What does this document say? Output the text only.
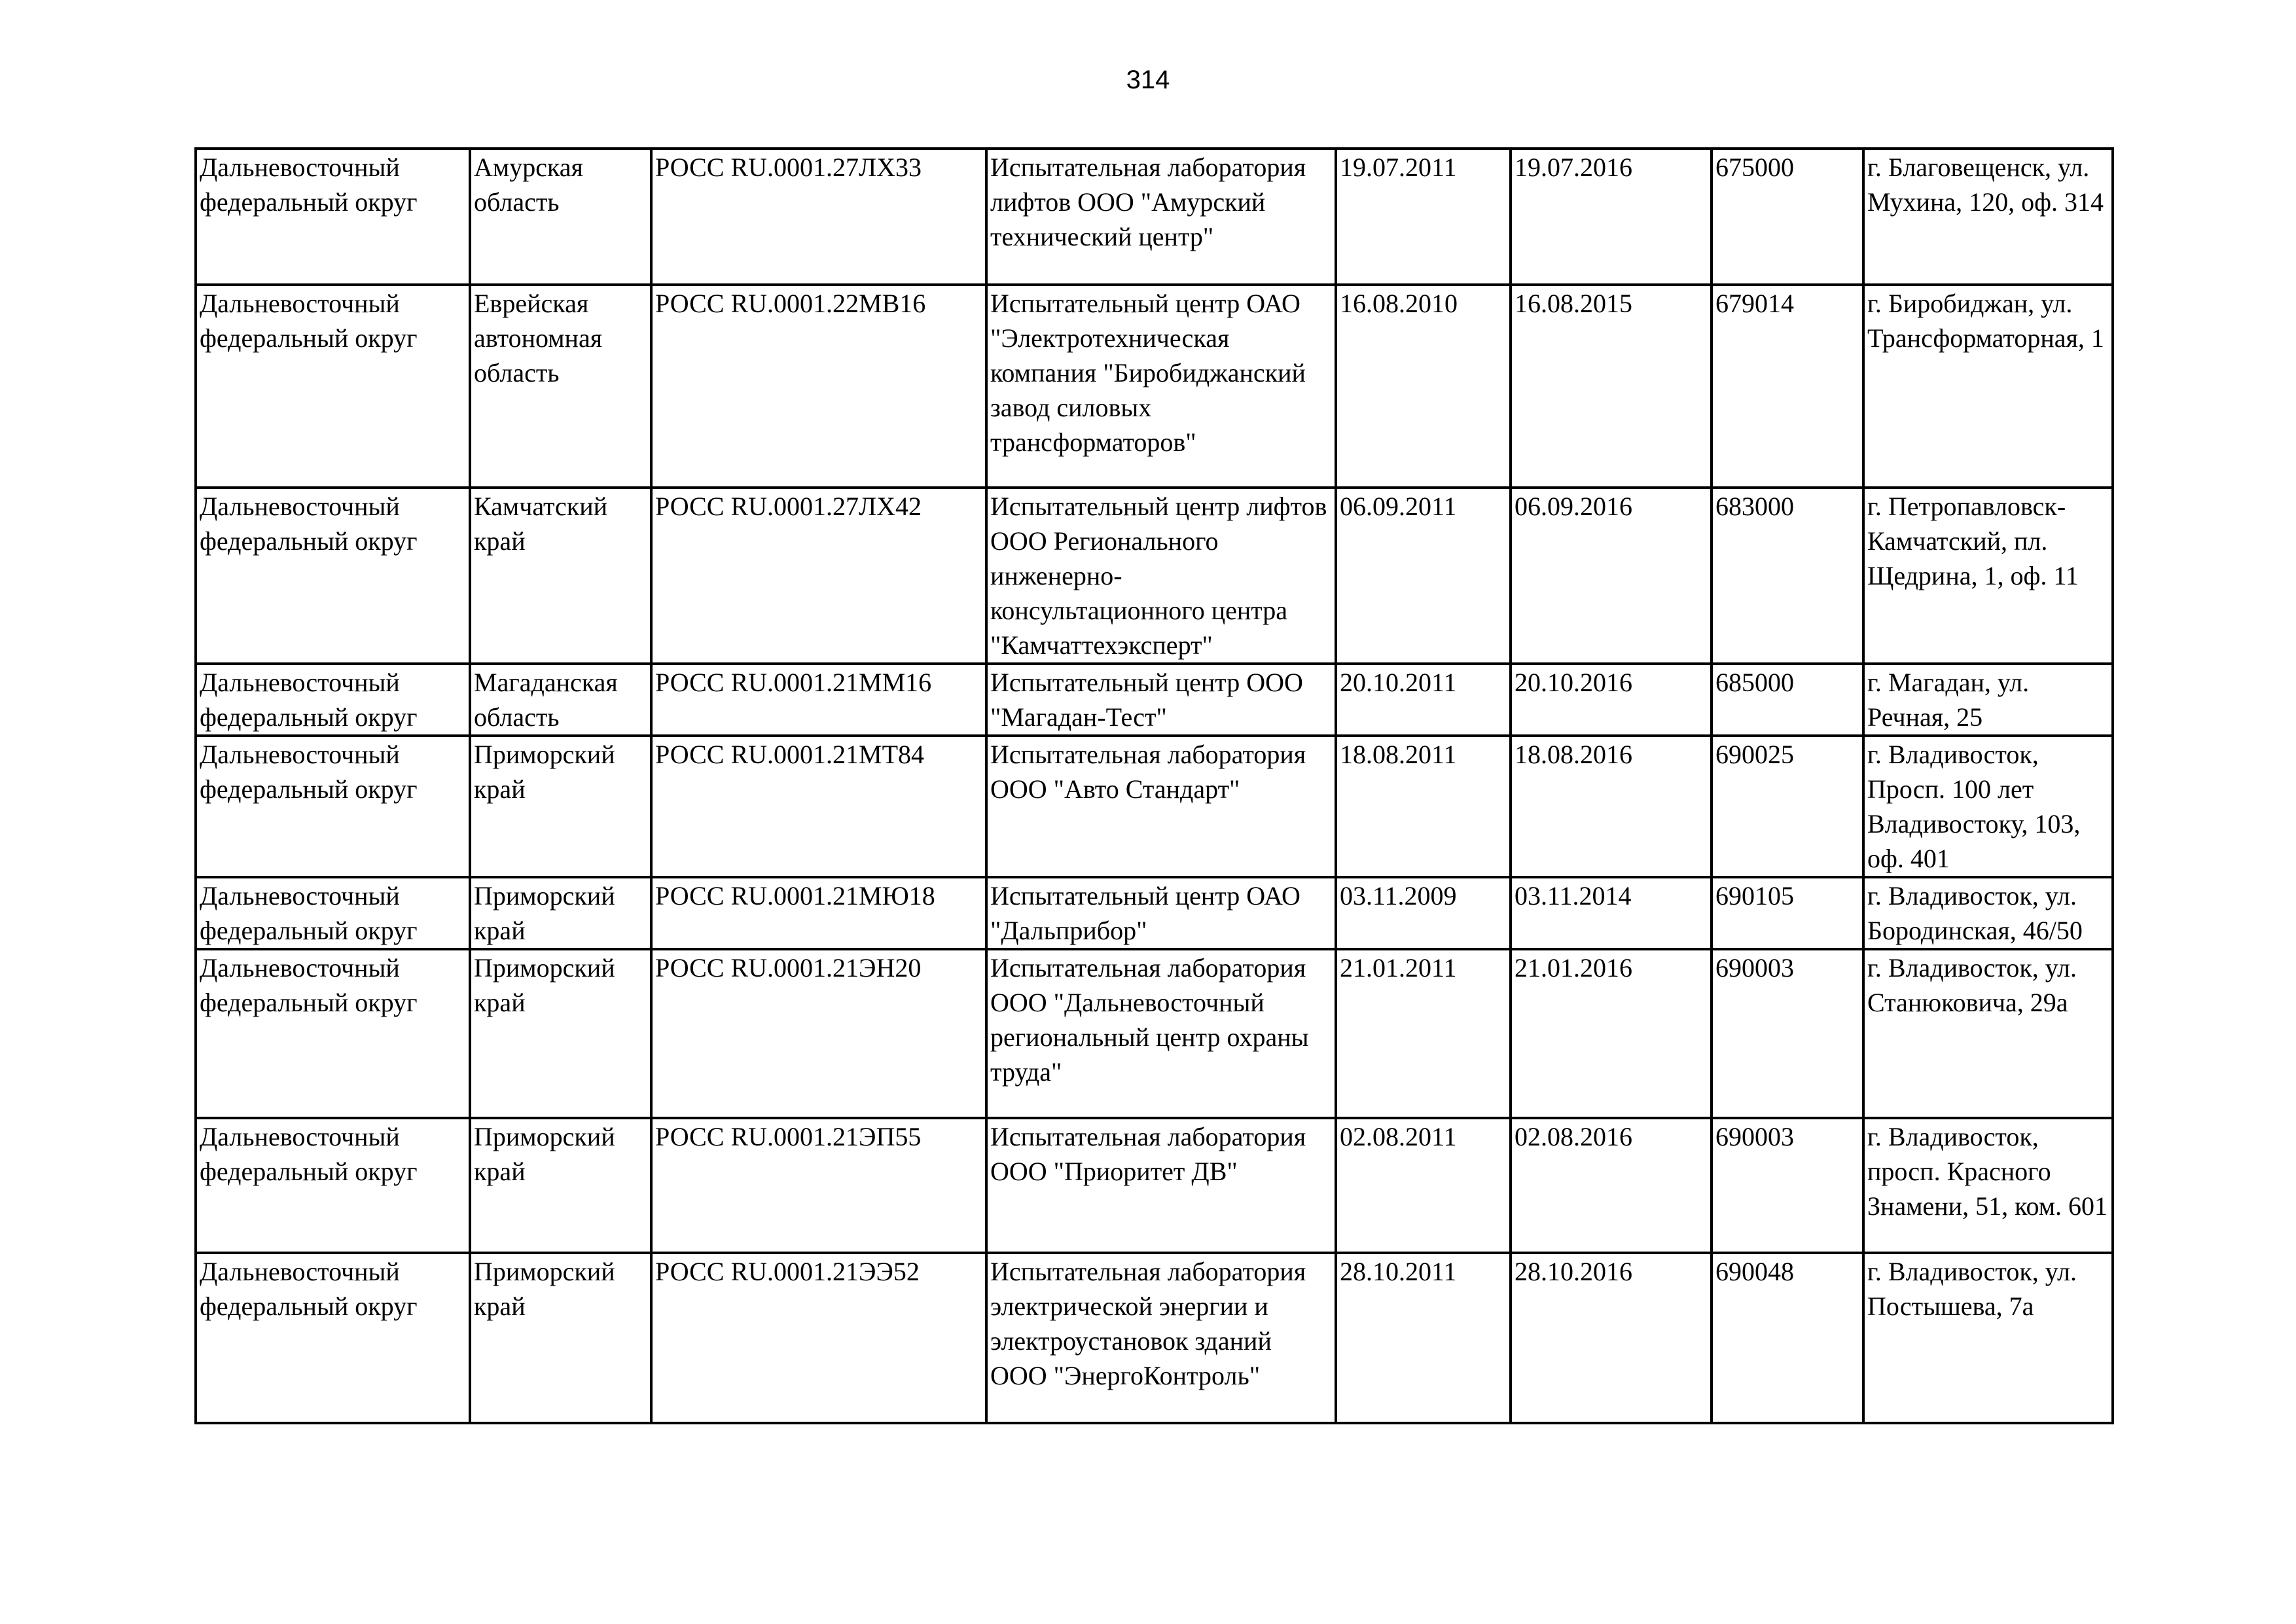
314
Дальневосточный федеральный округ	Амурская область	РОСС RU.0001.27ЛХ33	Испытательная лаборатория лифтов ООО "Амурский технический центр"	19.07.2011	19.07.2016	675000	г. Благовещенск, ул. Мухина, 120, оф. 314
Дальневосточный федеральный округ	Еврейская автономная область	РОСС RU.0001.22МВ16	Испытательный центр ОАО "Электротехническая компания "Биробиджанский завод силовых трансформаторов"	16.08.2010	16.08.2015	679014	г. Биробиджан, ул. Трансформаторная, 1
Дальневосточный федеральный округ	Камчатский край	РОСС RU.0001.27ЛХ42	Испытательный центр лифтов ООО Регионального инженерно-консультационного центра "Камчаттехэксперт"	06.09.2011	06.09.2016	683000	г. Петропавловск-Камчатский, пл. Щедрина, 1, оф. 11
Дальневосточный федеральный округ	Магаданская область	РОСС RU.0001.21ММ16	Испытательный центр ООО "Магадан-Тест"	20.10.2011	20.10.2016	685000	г. Магадан, ул. Речная, 25
Дальневосточный федеральный округ	Приморский край	РОСС RU.0001.21МТ84	Испытательная лаборатория ООО "Авто Стандарт"	18.08.2011	18.08.2016	690025	г. Владивосток, Просп. 100 лет Владивостоку, 103, оф. 401
Дальневосточный федеральный округ	Приморский край	РОСС RU.0001.21МЮ18	Испытательный центр ОАО "Дальприбор"	03.11.2009	03.11.2014	690105	г. Владивосток, ул. Бородинская, 46/50
Дальневосточный федеральный округ	Приморский край	РОСС RU.0001.21ЭН20	Испытательная лаборатория ООО "Дальневосточный региональный центр охраны труда"	21.01.2011	21.01.2016	690003	г. Владивосток, ул. Станюковича, 29а
Дальневосточный федеральный округ	Приморский край	РОСС RU.0001.21ЭП55	Испытательная лаборатория ООО "Приоритет ДВ"	02.08.2011	02.08.2016	690003	г. Владивосток, просп. Красного Знамени, 51, ком. 601
Дальневосточный федеральный округ	Приморский край	РОСС RU.0001.21ЭЭ52	Испытательная лаборатория электрической энергии и электроустановок зданий ООО "ЭнергоКонтроль"	28.10.2011	28.10.2016	690048	г. Владивосток, ул. Постышева, 7а
